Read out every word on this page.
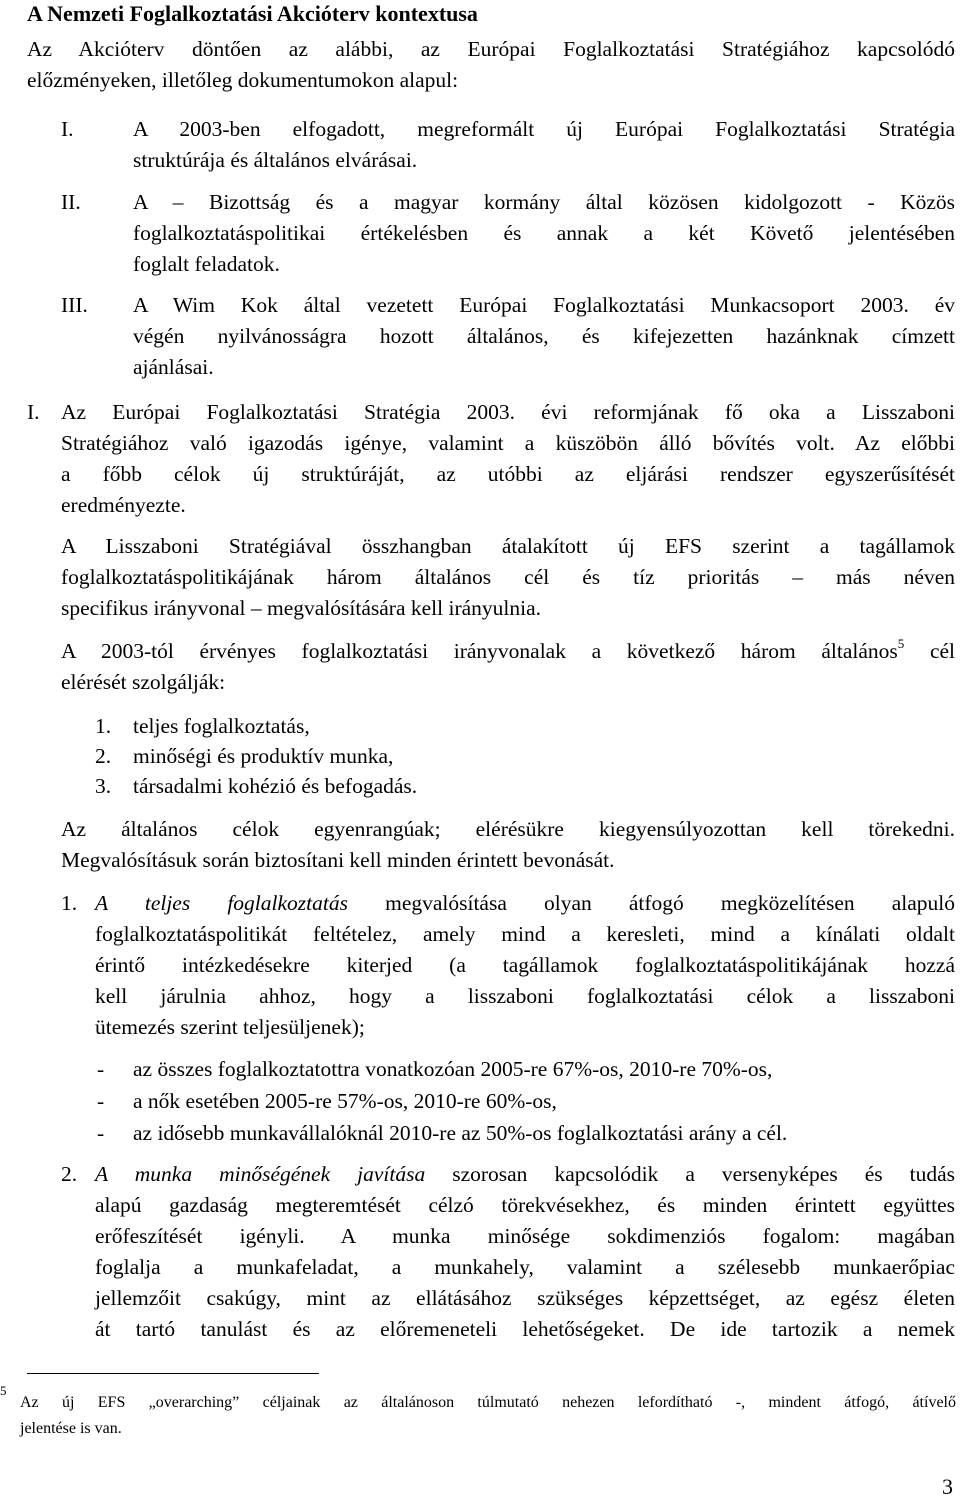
A Nemzeti Foglalkoztatási Akcióterv kontextusa
Az Akcióterv döntően az alábbi, az Európai Foglalkoztatási Stratégiához kapcsolódó
előzményeken, illetőleg dokumentumokon alapul:
I.	A 2003-ben elfogadott, megreformált új Európai Foglalkoztatási Stratégia
struktúrája és általános elvárásai.
II. A – Bizottság és a magyar kormány által közösen kidolgozott - Közös
foglalkoztatáspolitikai értékelésben és annak a két Követő jelentésében
foglalt feladatok.
III. A Wim Kok által vezetett Európai Foglalkoztatási Munkacsoport 2003. év
végén nyilvánosságra hozott általános, és kifejezetten hazánknak címzett
ajánlásai.
I. Az Európai Foglalkoztatási Stratégia 2003. évi reformjának fő oka a Lisszaboni
Stratégiához való igazodás igénye, valamint a küszöbön álló bővítés volt. Az előbbi
a főbb célok új struktúráját, az utóbbi az eljárási rendszer egyszerűsítését
eredményezte.
A Lisszaboni Stratégiával összhangban átalakított új EFS szerint a tagállamok
foglalkoztatáspolitikájának három általános cél és tíz prioritás – más néven
specifikus irányvonal – megvalósítására kell irányulnia.
A 2003-tól érvényes foglalkoztatási irányvonalak a következő három általános$^5$ cél
elérését szolgálják:
1. teljes foglalkoztatás,
2. minőségi és produktív munka,
3. társadalmi kohézió és befogadás.
Az általános célok egyenrangúak; elérésükre kiegyensúlyozottan kell törekedni.
Megvalósításuk során biztosítani kell minden érintett bevonását.
1. A teljes foglalkoztatás megvalósítása olyan átfogó megközelítésen alapuló
foglalkoztatáspolitikát feltételez, amely mind a keresleti, mind a kínálati oldalt
érintő intézkedésekre kiterjed (a tagállamok foglalkoztatáspolitikájának hozzá
kell járulnia ahhoz, hogy a lisszaboni foglalkoztatási célok a lisszaboni
ütemezés szerint teljesüljenek);
- az összes foglalkoztatottra vonatkozóan 2005-re 67%-os, 2010-re 70%-os,
- a nők esetében 2005-re 57%-os, 2010-re 60%-os,
- az idősebb munkavállalóknál 2010-re az 50%-os foglalkoztatási arány a cél.
2. A munka minőségének javítása szorosan kapcsolódik a versenyképes és tudás
alapú gazdaság megteremtését célzó törekvésekhez, és minden érintett együttes
erőfeszítését igényli. A munka minősége sokdimenziós fogalom: magában
foglalja a munkafeladat, a munkahely, valamint a szélesebb munkaerőpiac
jellemzőit csakúgy, mint az ellátásához szükséges képzettséget, az egész életen
át tartó tanulást és az előremeneteli lehetőségeket. De ide tartozik a nemek
5
Az új EFS „overarching” céljainak az általánoson túlmutató nehezen lefordítható -, mindent átfogó, átívelő
jelentése is van.
3
